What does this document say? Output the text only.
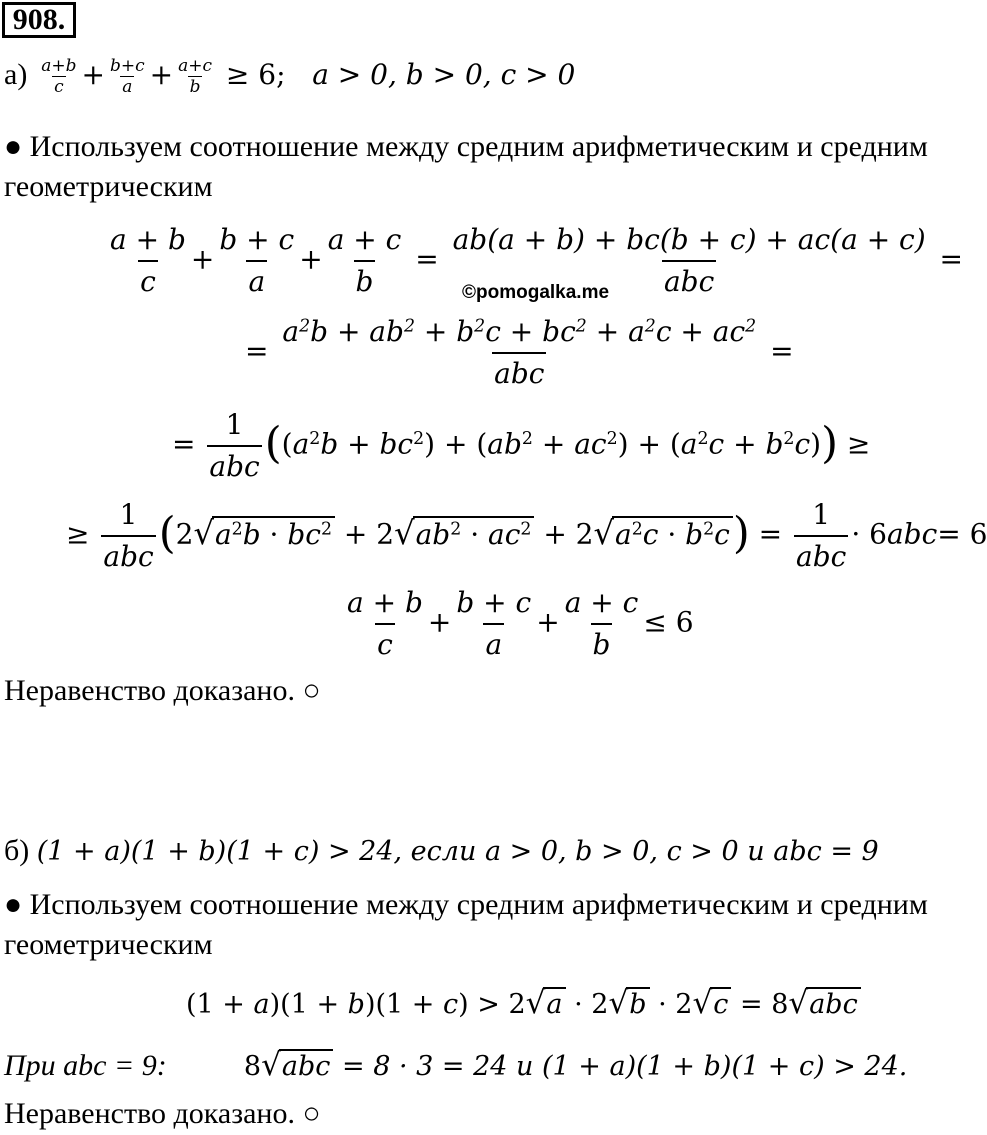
908.
$а) \frac{a+b}{c} + \frac{b+c}{a} + \frac{a+c}{b} \ge 6$; a > 0, b > 0, c > 0
● Используем соотношение между средним арифметическим и средним
геометрическим
$\frac{a + b}{c} + \frac{b + c}{a} + \frac{a + c}{b} = \frac{ab(a + b) + bc(b + c) + ac(a + c)}{\text{abc}}$ =
©pomogalka.me
= $\frac{a^2b + ab^2 + b^2c + bc^2 + a^2c + ac^2}{\text{abc}}$ =
= $\frac{1}{\text{abc}} ((a^2b + bc^2) + (ab^2 + ac^2) + (a^2c + b^2c))$ ≥
≥ $\frac{1}{\text{abc}} (2√a^2b \cdot bc^2 + 2√ab^2 \cdot ac^2 + 2√a^2c \cdot b^2c) = \frac{1}{\text{abc}} \cdot 6abc= 6$
$\frac{a + b}{c} + \frac{b + c}{a} + \frac{a + c}{b} \le 6$
Неравенство доказано. ○
б) (1 + a)(1 + b)(1 + c) > 24, если a > 0, b > 0, c > 0 и abc = 9
● Используем соотношение между средним арифметическим и средним
геометрическим
(1 + a)(1 + b)(1 + c) > 2√a · 2√b · 2√c = 8√abc
При abc = 9:	8√abc = 8 · 3 = 24 и (1 + a)(1 + b)(1 + c) > 24.
Неравенство доказано. ○
